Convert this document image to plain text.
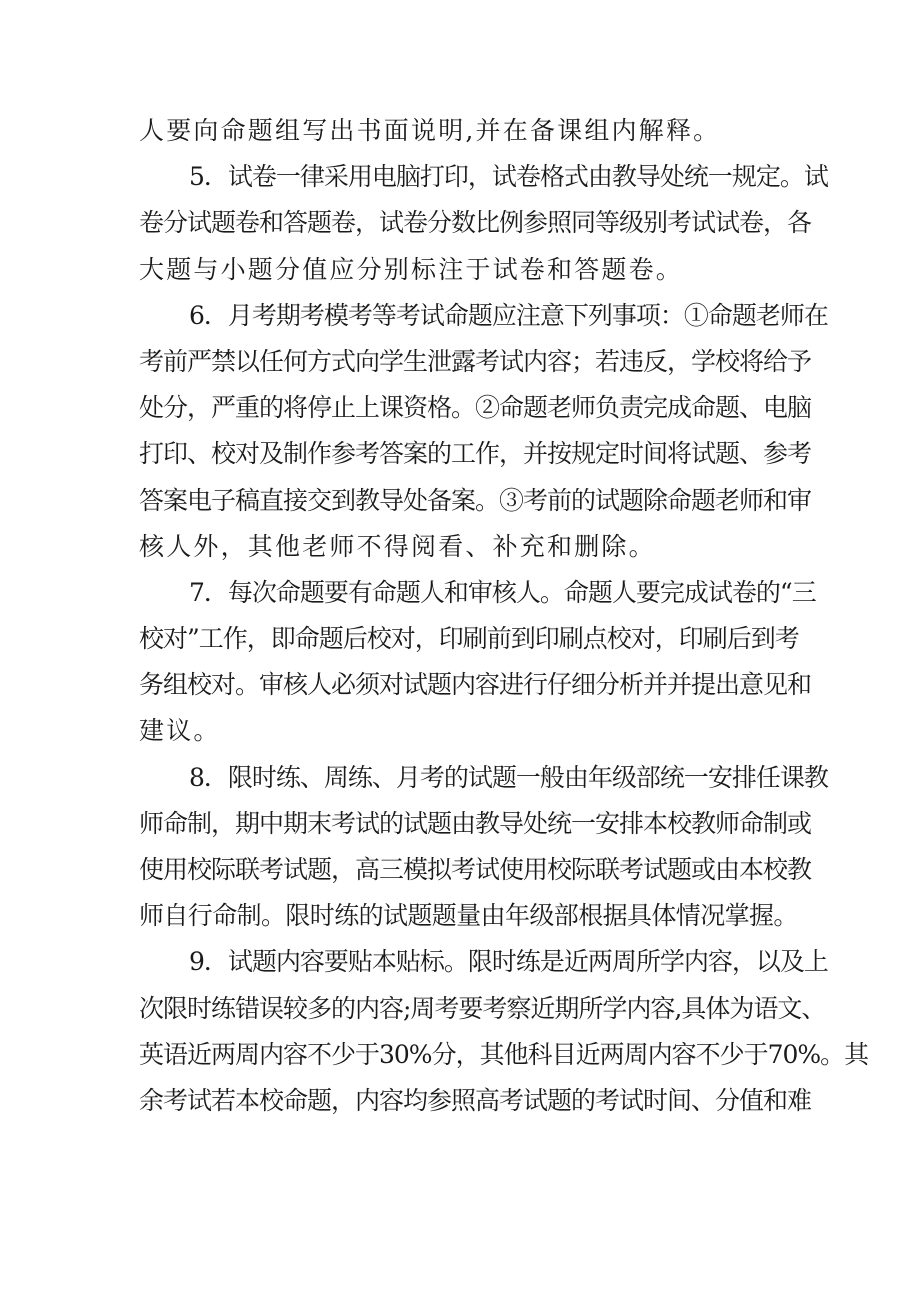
人要向命题组写出书面说明,并在备课组内解释。
5．试卷一律采用电脑打印，试卷格式由教导处统一规定。试
卷分试题卷和答题卷，试卷分数比例参照同等级别考试试卷，各
大题与小题分值应分别标注于试卷和答题卷。
6．月考期考模考等考试命题应注意下列事项：①命题老师在
考前严禁以任何方式向学生泄露考试内容；若违反，学校将给予
处分，严重的将停止上课资格。②命题老师负责完成命题、电脑
打印、校对及制作参考答案的工作，并按规定时间将试题、参考
答案电子稿直接交到教导处备案。③考前的试题除命题老师和审
核人外，其他老师不得阅看、补充和删除。
7．每次命题要有命题人和审核人。命题人要完成试卷的“三
校对”工作，即命题后校对，印刷前到印刷点校对，印刷后到考
务组校对。审核人必须对试题内容进行仔细分析并并提出意见和
建议。
8．限时练、周练、月考的试题一般由年级部统一安排任课教
师命制，期中期末考试的试题由教导处统一安排本校教师命制或
使用校际联考试题，高三模拟考试使用校际联考试题或由本校教
师自行命制。限时练的试题题量由年级部根据具体情况掌握。
9．试题内容要贴本贴标。限时练是近两周所学内容，以及上
次限时练错误较多的内容;周考要考察近期所学内容,具体为语文、
英语近两周内容不少于30%分，其他科目近两周内容不少于70%。其
余考试若本校命题，内容均参照高考试题的考试时间、分值和难
